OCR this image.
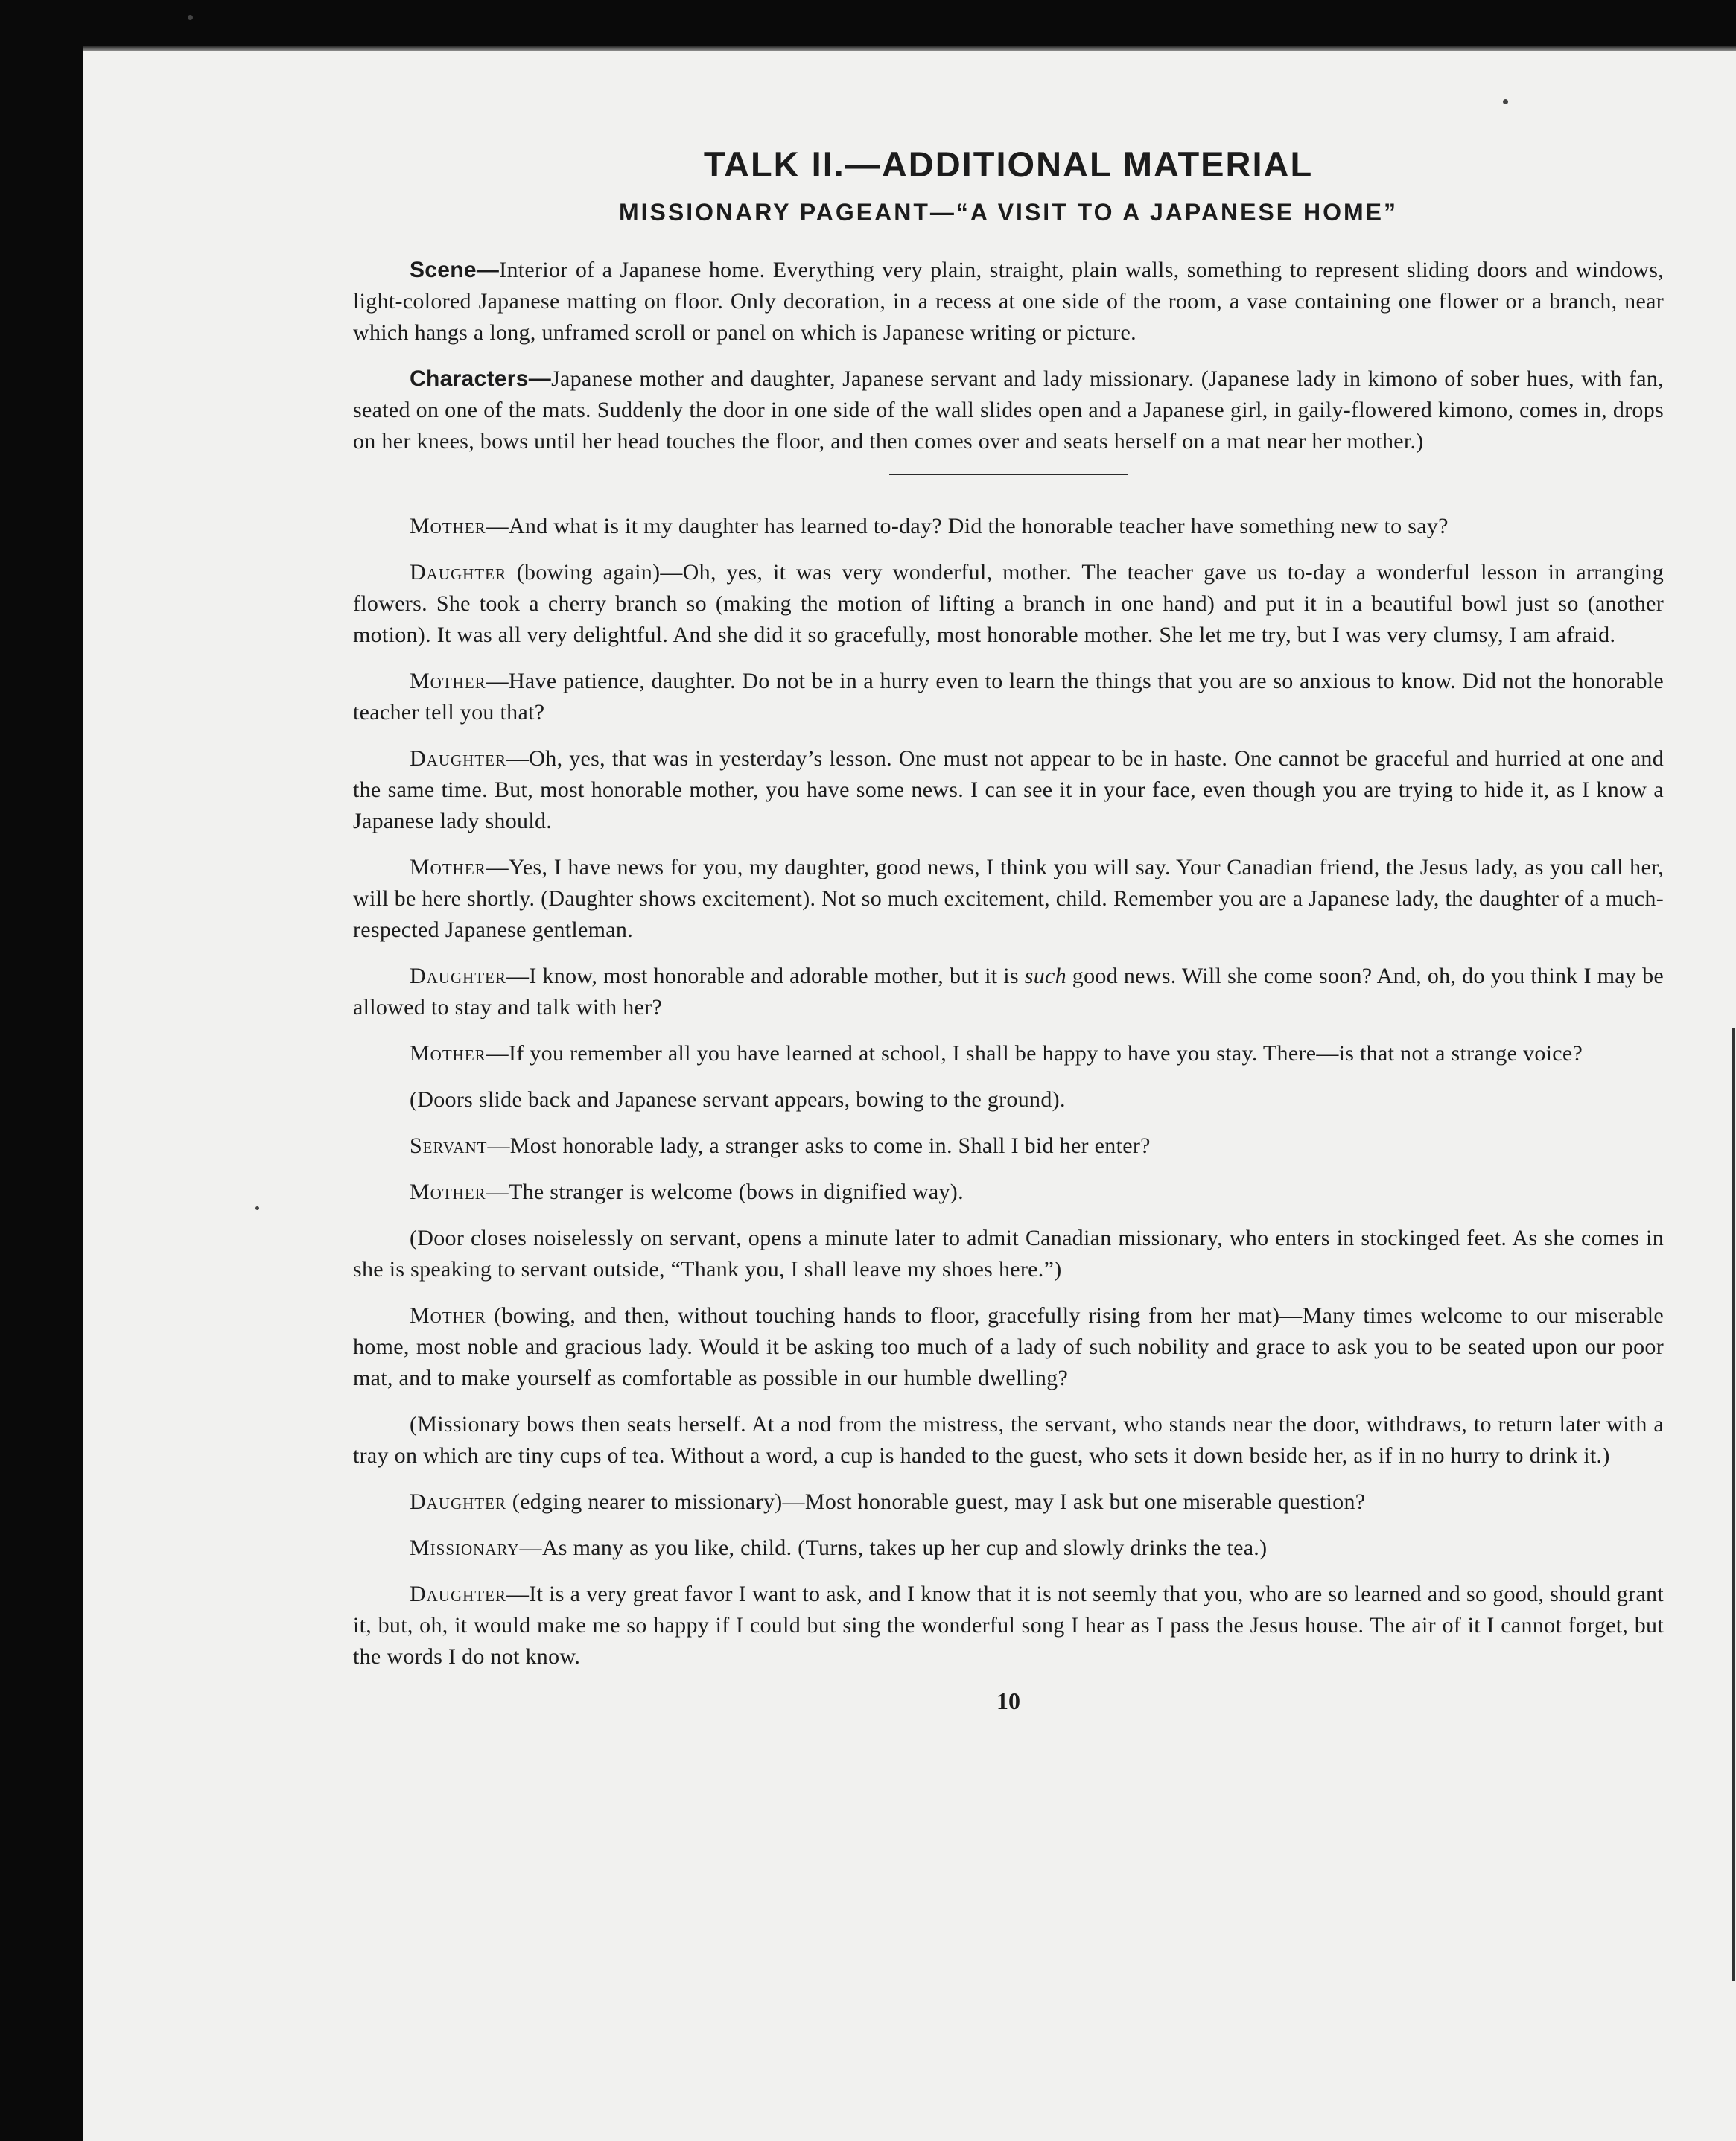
TALK II.—ADDITIONAL MATERIAL
MISSIONARY PAGEANT—“A VISIT TO A JAPANESE HOME”

Scene—Interior of a Japanese home. Everything very plain, straight, plain walls, something to represent sliding doors and windows, light-colored Japanese matting on floor. Only decoration, in a recess at one side of the room, a vase containing one flower or a branch, near which hangs a long, unframed scroll or panel on which is Japanese writing or picture.

Characters—Japanese mother and daughter, Japanese servant and lady missionary. (Japanese lady in kimono of sober hues, with fan, seated on one of the mats. Suddenly the door in one side of the wall slides open and a Japanese girl, in gaily-flowered kimono, comes in, drops on her knees, bows until her head touches the floor, and then comes over and seats herself on a mat near her mother.)

Mother—And what is it my daughter has learned to-day? Did the honorable teacher have something new to say?

Daughter (bowing again)—Oh, yes, it was very wonderful, mother. The teacher gave us to-day a wonderful lesson in arranging flowers. She took a cherry branch so (making the motion of lifting a branch in one hand) and put it in a beautiful bowl just so (another motion). It was all very delightful. And she did it so gracefully, most honorable mother. She let me try, but I was very clumsy, I am afraid.

Mother—Have patience, daughter. Do not be in a hurry even to learn the things that you are so anxious to know. Did not the honorable teacher tell you that?

Daughter—Oh, yes, that was in yesterday’s lesson. One must not appear to be in haste. One cannot be graceful and hurried at one and the same time. But, most honorable mother, you have some news. I can see it in your face, even though you are trying to hide it, as I know a Japanese lady should.

Mother—Yes, I have news for you, my daughter, good news, I think you will say. Your Canadian friend, the Jesus lady, as you call her, will be here shortly. (Daughter shows excitement). Not so much excitement, child. Remember you are a Japanese lady, the daughter of a much-respected Japanese gentleman.

Daughter—I know, most honorable and adorable mother, but it is such good news. Will she come soon? And, oh, do you think I may be allowed to stay and talk with her?

Mother—If you remember all you have learned at school, I shall be happy to have you stay. There—is that not a strange voice?

(Doors slide back and Japanese servant appears, bowing to the ground).

Servant—Most honorable lady, a stranger asks to come in. Shall I bid her enter?

Mother—The stranger is welcome (bows in dignified way).

(Door closes noiselessly on servant, opens a minute later to admit Canadian missionary, who enters in stockinged feet. As she comes in she is speaking to servant outside, “Thank you, I shall leave my shoes here.”)

Mother (bowing, and then, without touching hands to floor, gracefully rising from her mat)—Many times welcome to our miserable home, most noble and gracious lady. Would it be asking too much of a lady of such nobility and grace to ask you to be seated upon our poor mat, and to make yourself as comfortable as possible in our humble dwelling?

(Missionary bows then seats herself. At a nod from the mistress, the servant, who stands near the door, withdraws, to return later with a tray on which are tiny cups of tea. Without a word, a cup is handed to the guest, who sets it down beside her, as if in no hurry to drink it.)

Daughter (edging nearer to missionary)—Most honorable guest, may I ask but one miserable question?

Missionary—As many as you like, child. (Turns, takes up her cup and slowly drinks the tea.)

Daughter—It is a very great favor I want to ask, and I know that it is not seemly that you, who are so learned and so good, should grant it, but, oh, it would make me so happy if I could but sing the wonderful song I hear as I pass the Jesus house. The air of it I cannot forget, but the words I do not know.

10
